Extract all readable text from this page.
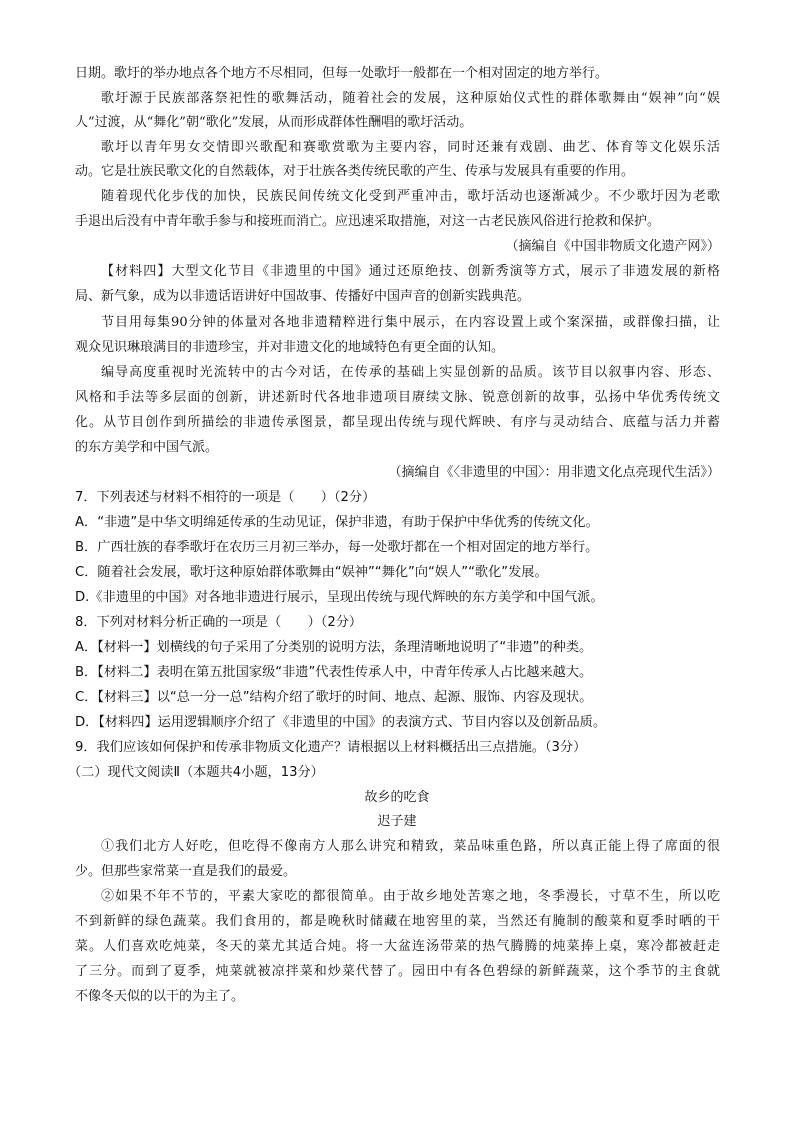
日期。歌圩的举办地点各个地方不尽相同，但每一处歌圩一般都在一个相对固定的地方举行。
歌圩源于民族部落祭祀性的歌舞活动，随着社会的发展，这种原始仪式性的群体歌舞由“娱神”向“娱
人”过渡，从“舞化”朝“歌化”发展，从而形成群体性酬唱的歌圩活动。
歌圩以青年男女交情即兴歌配和赛歌赏歌为主要内容，同时还兼有戏剧、曲艺、体育等文化娱乐活
动。它是壮族民歌文化的自然载体，对于壮族各类传统民歌的产生、传承与发展具有重要的作用。
随着现代化步伐的加快，民族民间传统文化受到严重冲击，歌圩活动也逐渐减少。不少歌圩因为老歌
手退出后没有中青年歌手参与和接班而消亡。应迅速采取措施，对这一古老民族风俗进行抢救和保护。
（摘编自《中国非物质文化遗产网》）
【材料四】大型文化节目《非遗里的中国》通过还原绝技、创新秀演等方式，展示了非遗发展的新格
局、新气象，成为以非遗话语讲好中国故事、传播好中国声音的创新实践典范。
节目用每集90分钟的体量对各地非遗精粹进行集中展示，在内容设置上或个案深描，或群像扫描，让
观众见识琳琅满目的非遗珍宝，并对非遗文化的地域特色有更全面的认知。
编导高度重视时光流转中的古今对话，在传承的基础上实显创新的品质。该节目以叙事内容、形态、
风格和手法等多层面的创新，讲述新时代各地非遗项目赓续文脉、锐意创新的故事，弘扬中华优秀传统文
化。从节目创作到所描绘的非遗传承图景，都呈现出传统与现代辉映、有序与灵动结合、底蕴与活力并蓄
的东方美学和中国气派。
（摘编自《〈非遗里的中国〉：用非遗文化点亮现代生活》）
7．下列表述与材料不相符的一项是（　　）（2分）
A．“非遗”是中华文明绵延传承的生动见证，保护非遗，有助于保护中华优秀的传统文化。
B．广西壮族的春季歌圩在农历三月初三举办，每一处歌圩都在一个相对固定的地方举行。
C．随着社会发展，歌圩这种原始群体歌舞由“娱神”“舞化”向“娱人”“歌化”发展。
D.《非遗里的中国》对各地非遗进行展示，呈现出传统与现代辉映的东方美学和中国气派。
8．下列对材料分析正确的一项是（　　）（2分）
A．【材料一】划横线的句子采用了分类别的说明方法，条理清晰地说明了“非遗”的种类。
B．【材料二】表明在第五批国家级“非遗”代表性传承人中，中青年传承人占比越来越大。
C．【材料三】以“总一分一总”结构介绍了歌圩的时间、地点、起源、服饰、内容及现状。
D．【材料四】运用逻辑顺序介绍了《非遗里的中国》的表演方式、节目内容以及创新品质。
9．我们应该如何保护和传承非物质文化遗产？请根据以上材料概括出三点措施。（3分）
（二）现代文阅读Ⅱ（本题共4小题，13分）
故乡的吃食
迟子建
①我们北方人好吃，但吃得不像南方人那么讲究和精致，菜品味重色路，所以真正能上得了席面的很
少。但那些家常菜一直是我们的最爱。
②如果不年不节的，平素大家吃的都很简单。由于故乡地处苦寒之地，冬季漫长，寸草不生，所以吃
不到新鲜的绿色蔬菜。我们食用的，都是晚秋时储藏在地窖里的菜，当然还有腌制的酸菜和夏季时晒的干
菜。人们喜欢吃炖菜，冬天的菜尤其适合炖。将一大盆连汤带菜的热气腾腾的炖菜捧上桌，寒冷都被赶走
了三分。而到了夏季，炖菜就被凉拌菜和炒菜代替了。园田中有各色碧绿的新鲜蔬菜，这个季节的主食就
不像冬天似的以干的为主了。
